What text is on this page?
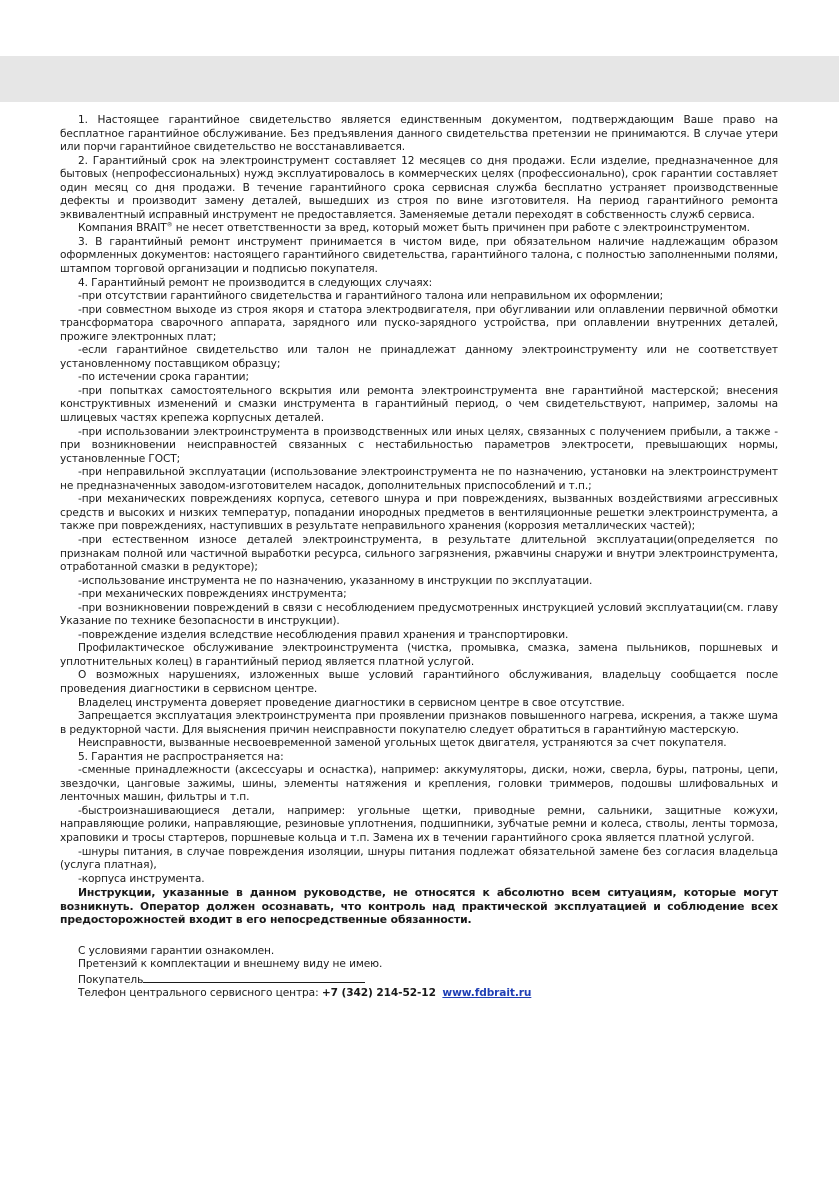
1. Настоящее гарантийное свидетельство является единственным документом, подтверждающим Ваше право на бесплатное гарантийное обслуживание. Без предъявления данного свидетельства претензии не принимаются. В случае утери или порчи гарантийное свидетельство не восстанавливается.

2. Гарантийный срок на электроинструмент составляет 12 месяцев со дня продажи. Если изделие, предназначенное для бытовых (непрофессиональных) нужд эксплуатировалось в коммерческих целях (профессионально), срок гарантии составляет один месяц со дня продажи. В течение гарантийного срока сервисная служба бесплатно устраняет производственные дефекты и производит замену деталей, вышедших из строя по вине изготовителя. На период гарантийного ремонта эквивалентный исправный инструмент не предоставляется. Заменяемые детали переходят в собственность служб сервиса.

Компания BRAIT® не несет ответственности за вред, который может быть причинен при работе с электроинструментом.

3. В гарантийный ремонт инструмент принимается в чистом виде, при обязательном наличие надлежащим образом оформленных документов: настоящего гарантийного свидетельства, гарантийного талона, с полностью заполненными полями, штампом торговой организации и подписью покупателя.

4. Гарантийный ремонт не производится в следующих случаях:

-при отсутствии гарантийного свидетельства и гарантийного талона или неправильном их оформлении;

-при совместном выходе из строя якоря и статора электродвигателя, при обугливании или оплавлении первичной обмотки трансформатора сварочного аппарата, зарядного или пуско-зарядного устройства, при оплавлении внутренних деталей, прожиге электронных плат;

-если гарантийное свидетельство или талон не принадлежат данному электроинструменту или не соответствует установленному поставщиком образцу;

-по истечении срока гарантии;

-при попытках самостоятельного вскрытия или ремонта электроинструмента вне гарантийной мастерской; внесения конструктивных изменений и смазки инструмента в гарантийный период, о чем свидетельствуют, например, заломы на шлицевых частях крепежа корпусных деталей.

-при использовании электроинструмента в производственных или иных целях, связанных с получением прибыли, а также - при возникновении неисправностей связанных с нестабильностью параметров электросети, превышающих нормы, установленные ГОСТ;

-при неправильной эксплуатации (использование электроинструмента не по назначению, установки на электроинструмент не предназначенных заводом-изготовителем насадок, дополнительных приспособлений и т.п.;

-при механических повреждениях корпуса, сетевого шнура и при повреждениях, вызванных воздействиями агрессивных средств и высоких и низких температур, попадании инородных предметов в вентиляционные решетки электроинструмента, а также при повреждениях, наступивших в результате неправильного хранения (коррозия металлических частей);

-при естественном износе деталей электроинструмента, в результате длительной эксплуатации(определяется по признакам полной или частичной выработки ресурса, сильного загрязнения, ржавчины снаружи и внутри электроинструмента, отработанной смазки в редукторе);

-использование инструмента не по назначению, указанному в инструкции по эксплуатации.

-при механических повреждениях инструмента;

-при возникновении повреждений в связи с несоблюдением предусмотренных инструкцией условий эксплуатации(см. главу Указание по технике безопасности в инструкции).

-повреждение изделия вследствие несоблюдения правил хранения и транспортировки.

Профилактическое обслуживание электроинструмента (чистка, промывка, смазка, замена пыльников, поршневых и уплотнительных колец) в гарантийный период является платной услугой.

О возможных нарушениях, изложенных выше условий гарантийного обслуживания, владельцу сообщается после проведения диагностики в сервисном центре.

Владелец инструмента доверяет проведение диагностики в сервисном центре в свое отсутствие.

Запрещается эксплуатация электроинструмента при проявлении признаков повышенного нагрева, искрения, а также шума в редукторной части. Для выяснения причин неисправности покупателю следует обратиться в гарантийную мастерскую.

Неисправности, вызванные несвоевременной заменой угольных щеток двигателя, устраняются за счет покупателя.

5. Гарантия не распространяется на:

-сменные принадлежности (аксессуары и оснастка), например: аккумуляторы, диски, ножи, сверла, буры, патроны, цепи, звездочки, цанговые зажимы, шины, элементы натяжения и крепления, головки триммеров, подошвы шлифовальных и ленточных машин, фильтры и т.п.

-быстроизнашивающиеся детали, например: угольные щетки, приводные ремни, сальники, защитные кожухи, направляющие ролики, направляющие, резиновые уплотнения, подшипники, зубчатые ремни и колеса, стволы, ленты тормоза, храповики и тросы стартеров, поршневые кольца и т.п. Замена их в течении гарантийного срока является платной услугой.

-шнуры питания, в случае повреждения изоляции, шнуры питания подлежат обязательной замене без согласия владельца (услуга платная),

-корпуса инструмента.

Инструкции, указанные в данном руководстве, не относятся к абсолютно всем ситуациям, которые могут возникнуть. Оператор должен осознавать, что контроль над практической эксплуатацией и соблюдение всех предосторожностей входит в его непосредственные обязанности.

С условиями гарантии ознакомлен.

Претензий к комплектации и внешнему виду не имею.

Покупатель

Телефон центрального сервисного центра: +7 (342) 214-52-12 www.fdbrait.ru
